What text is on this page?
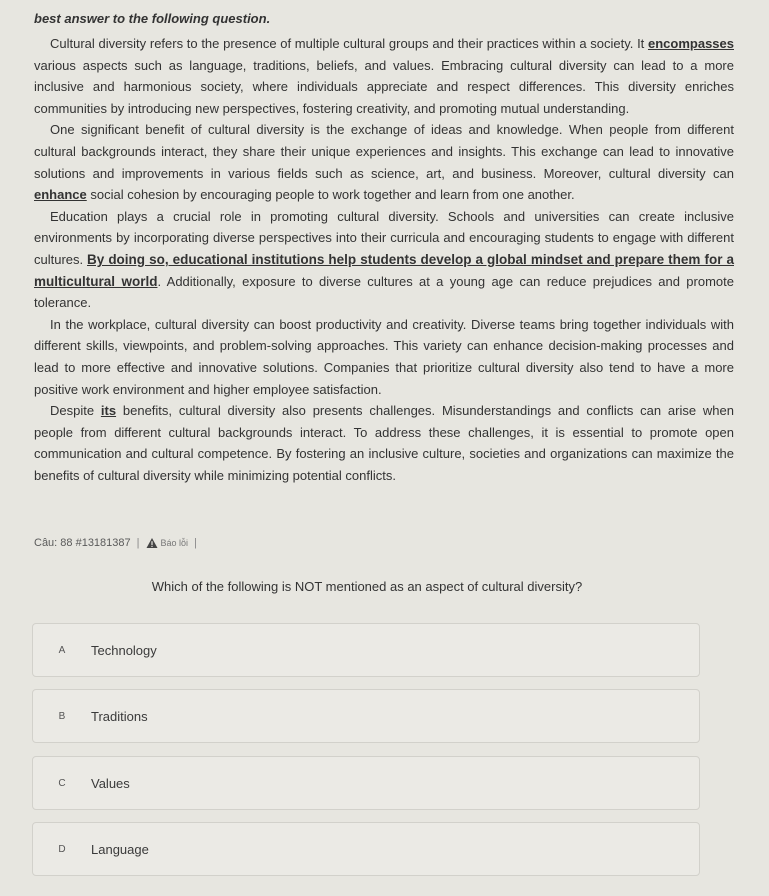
best answer to the following question.

Cultural diversity refers to the presence of multiple cultural groups and their practices within a society. It encompasses various aspects such as language, traditions, beliefs, and values. Embracing cultural diversity can lead to a more inclusive and harmonious society, where individuals appreciate and respect differences. This diversity enriches communities by introducing new perspectives, fostering creativity, and promoting mutual understanding.

One significant benefit of cultural diversity is the exchange of ideas and knowledge. When people from different cultural backgrounds interact, they share their unique experiences and insights. This exchange can lead to innovative solutions and improvements in various fields such as science, art, and business. Moreover, cultural diversity can enhance social cohesion by encouraging people to work together and learn from one another.

Education plays a crucial role in promoting cultural diversity. Schools and universities can create inclusive environments by incorporating diverse perspectives into their curricula and encouraging students to engage with different cultures. By doing so, educational institutions help students develop a global mindset and prepare them for a multicultural world. Additionally, exposure to diverse cultures at a young age can reduce prejudices and promote tolerance.

In the workplace, cultural diversity can boost productivity and creativity. Diverse teams bring together individuals with different skills, viewpoints, and problem-solving approaches. This variety can enhance decision-making processes and lead to more effective and innovative solutions. Companies that prioritize cultural diversity also tend to have a more positive work environment and higher employee satisfaction.

Despite its benefits, cultural diversity also presents challenges. Misunderstandings and conflicts can arise when people from different cultural backgrounds interact. To address these challenges, it is essential to promote open communication and cultural competence. By fostering an inclusive culture, societies and organizations can maximize the benefits of cultural diversity while minimizing potential conflicts.

Câu: 88 #13181387 | Báo lỗi |
Which of the following is NOT mentioned as an aspect of cultural diversity?
A	Technology
B	Traditions
C	Values
D	Language
